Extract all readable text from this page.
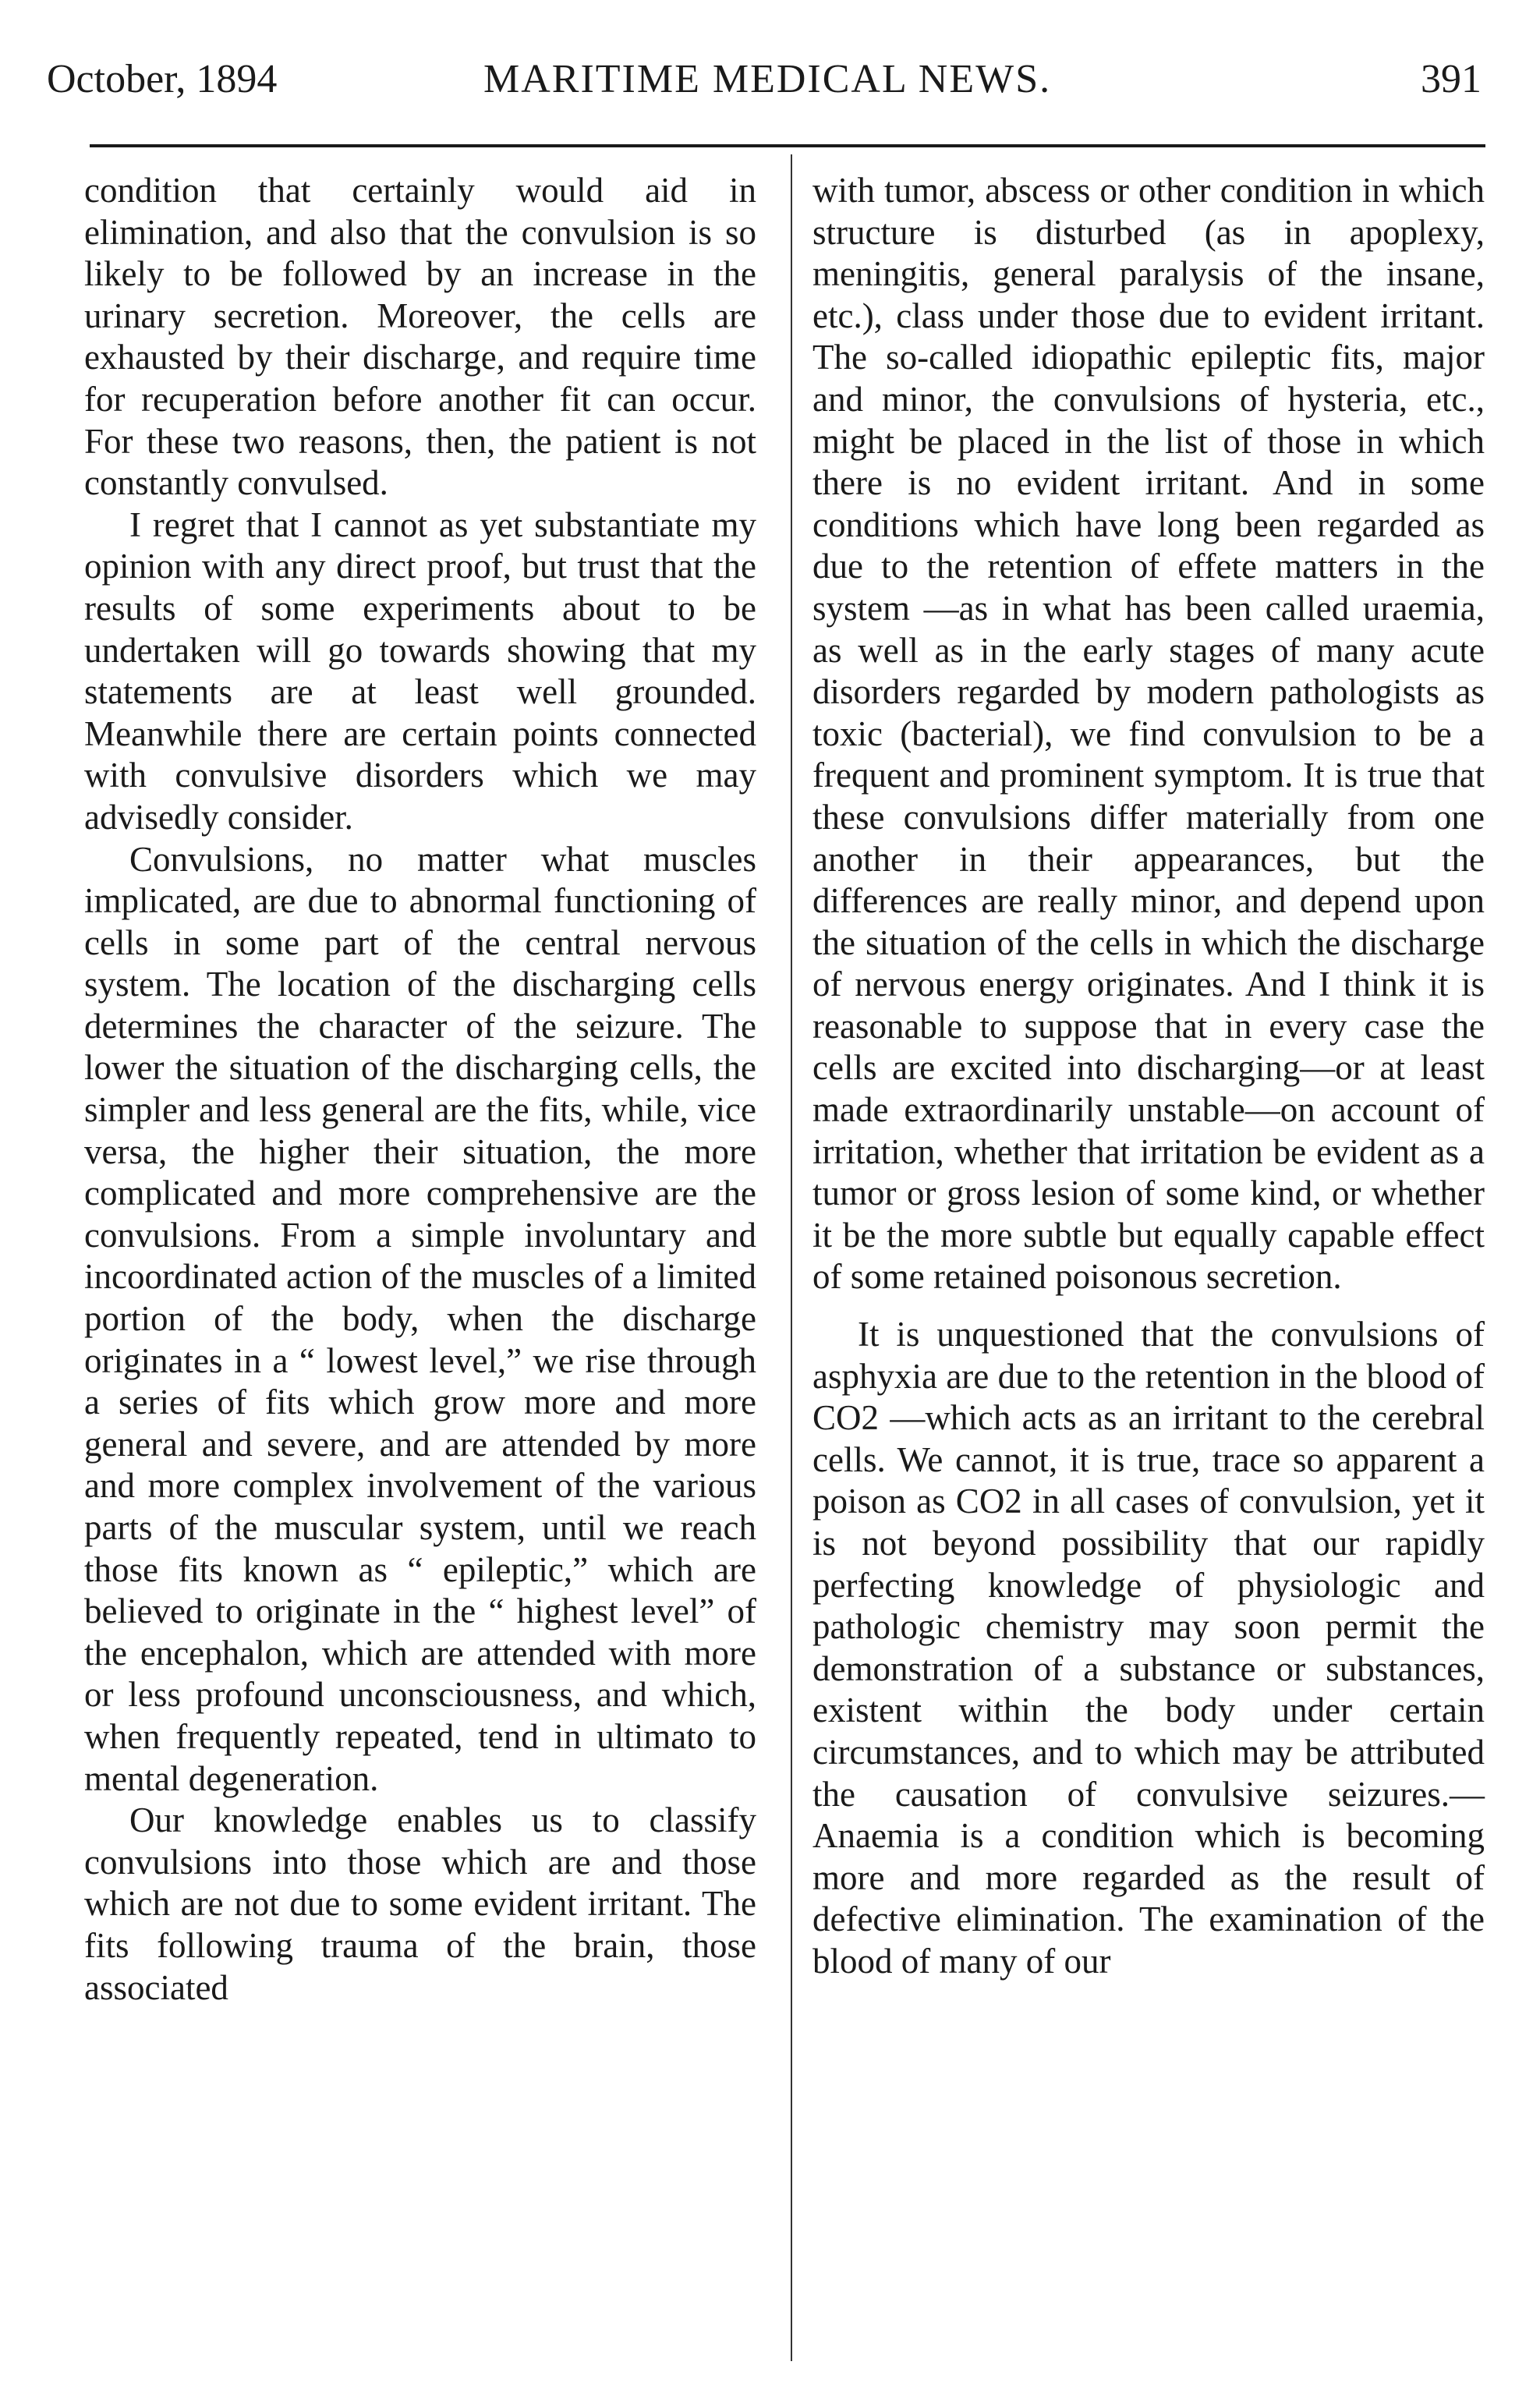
October, 1894	MARITIME MEDICAL NEWS.	391

condition that certainly would aid in elimination, and also that the convulsion is so likely to be followed by an increase in the urinary secretion. Moreover, the cells are exhausted by their discharge, and require time for recuperation before another fit can occur. For these two reasons, then, the patient is not constantly convulsed.

I regret that I cannot as yet substantiate my opinion with any direct proof, but trust that the results of some experiments about to be undertaken will go towards showing that my statements are at least well grounded. Meanwhile there are certain points connected with convulsive disorders which we may advisedly consider.

Convulsions, no matter what muscles implicated, are due to abnormal functioning of cells in some part of the central nervous system. The location of the discharging cells determines the character of the seizure. The lower the situation of the discharging cells, the simpler and less general are the fits, while, vice versa, the higher their situation, the more complicated and more comprehensive are the convulsions. From a simple involuntary and incoordinated action of the muscles of a limited portion of the body, when the discharge originates in a “ lowest level,” we rise through a series of fits which grow more and more general and severe, and are attended by more and more complex involvement of the various parts of the muscular system, until we reach those fits known as “ epileptic,” which are believed to originate in the “ highest level” of the encephalon, which are attended with more or less profound unconsciousness, and which, when frequently repeated, tend in ultimato to mental degeneration.

Our knowledge enables us to classify convulsions into those which are and those which are not due to some evident irritant. The fits following trauma of the brain, those associated

with tumor, abscess or other condition in which structure is disturbed (as in apoplexy, meningitis, general paralysis of the insane, etc.), class under those due to evident irritant. The so-called idiopathic epileptic fits, major and minor, the convulsions of hysteria, etc., might be placed in the list of those in which there is no evident irritant. And in some conditions which have long been regarded as due to the retention of effete matters in the system —as in what has been called uraemia, as well as in the early stages of many acute disorders regarded by modern pathologists as toxic (bacterial), we find convulsion to be a frequent and prominent symptom. It is true that these convulsions differ materially from one another in their appearances, but the differences are really minor, and depend upon the situation of the cells in which the discharge of nervous energy originates. And I think it is reasonable to suppose that in every case the cells are excited into discharging—or at least made extraordinarily unstable—on account of irritation, whether that irritation be evident as a tumor or gross lesion of some kind, or whether it be the more subtle but equally capable effect of some retained poisonous secretion.

It is unquestioned that the convulsions of asphyxia are due to the retention in the blood of CO2 —which acts as an irritant to the cerebral cells. We cannot, it is true, trace so apparent a poison as CO2 in all cases of convulsion, yet it is not beyond possibility that our rapidly perfecting knowledge of physiologic and pathologic chemistry may soon permit the demonstration of a substance or substances, existent within the body under certain circumstances, and to which may be attributed the causation of convulsive seizures.—Anaemia is a condition which is becoming more and more regarded as the result of defective elimination. The examination of the blood of many of our
